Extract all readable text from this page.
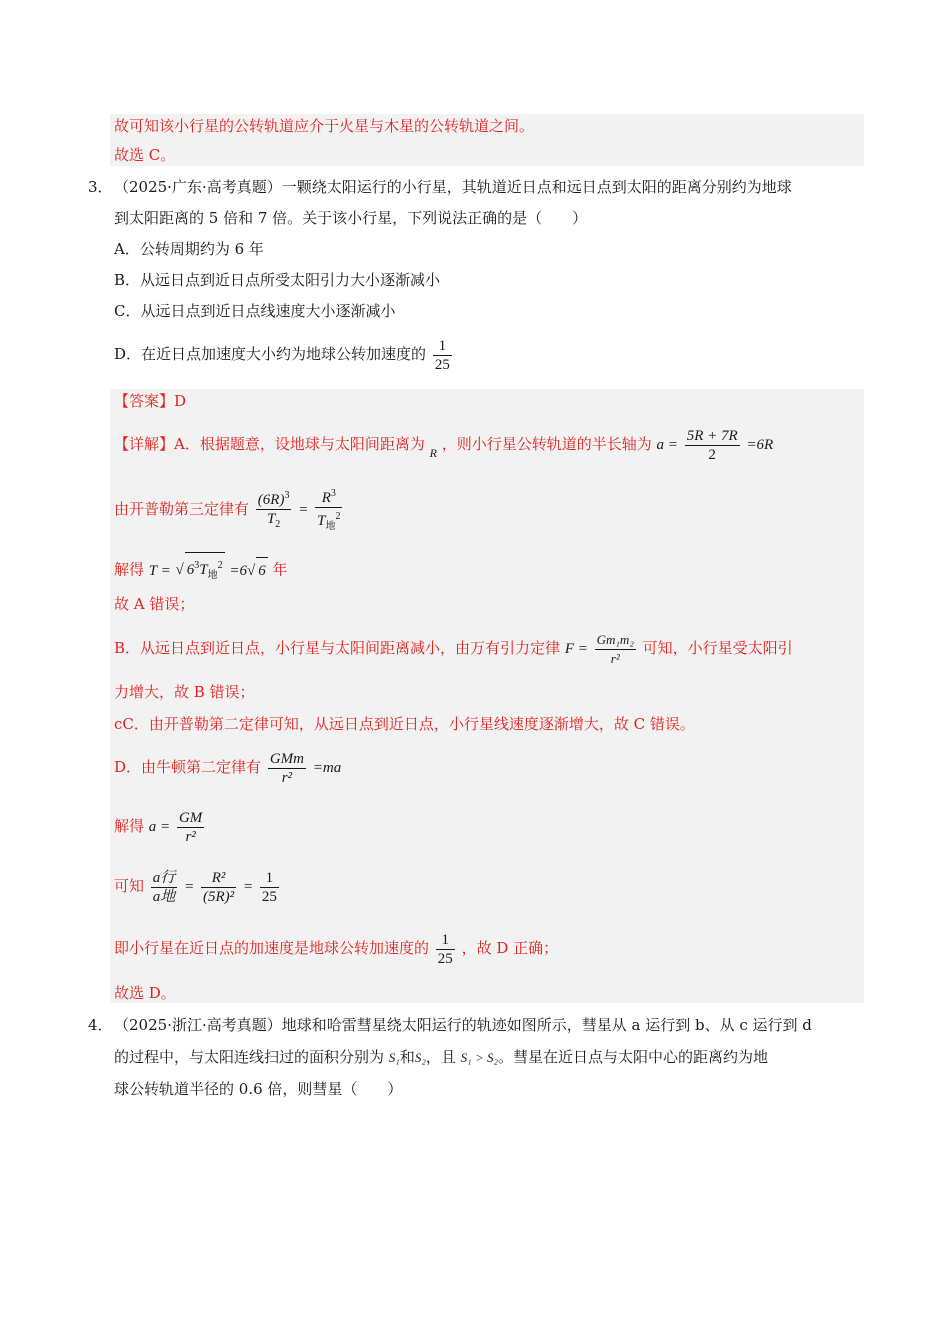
故可知该小行星的公转轨道应介于火星与木星的公转轨道之间。
故选 C。
3． （2025·广东·高考真题）一颗绕太阳运行的小行星，其轨道近日点和远日点到太阳的距离分别约为地球
到太阳距离的 5 倍和 7 倍。关于该小行星，下列说法正确的是（　　）
A．公转周期约为 6 年
B．从远日点到近日点所受太阳引力大小逐渐减小
C．从远日点到近日点线速度大小逐渐减小
D．在近日点加速度大小约为地球公转加速度的 $\frac{1}{25}$
【答案】D
【详解】A．根据题意，设地球与太阳间距离为 R ，则小行星公转轨道的半长轴为 $a = \frac{5R + 7R}{2} =6R$
由开普勒第三定律有 $\frac{(6R)^3}{T_2} = \frac{R^3}{T_地^2}$
解得 T = √ $6^3T_地^2 =6√$ 6 年
故 A 错误；
B．从远日点到近日点，小行星与太阳间距离减小，由万有引力定律 $F = \frac{\text{Gm₁m₂}}{\text{r²}}$ 可知，小行星受太阳引
力增大，故 B 错误；
cC．由开普勒第二定律可知，从远日点到近日点，小行星线速度逐渐增大，故 C 错误。
D．由牛顿第二定律有 $\frac{\text{GMm}}{\text{r²}} =ma$
解得 $a = \frac{GM}{\text{r²}}$
可知 $\frac{\text{a行}}{\text{a地}} = \frac{\text{R²}}{\text{(5R)²}} = \frac{1}{25}$
即小行星在近日点的加速度是地球公转加速度的 $\frac{1}{25}$ ，故 D 正确；
故选 D。
4． （2025·浙江·高考真题）地球和哈雷彗星绕太阳运行的轨迹如图所示，彗星从 a 运行到 b、从 c 运行到 d
的过程中，与太阳连线扫过的面积分别为 S₁和S₂，且 S₁ > S₂。彗星在近日点与太阳中心的距离约为地
球公转轨道半径的 0.6 倍，则彗星（　　）
